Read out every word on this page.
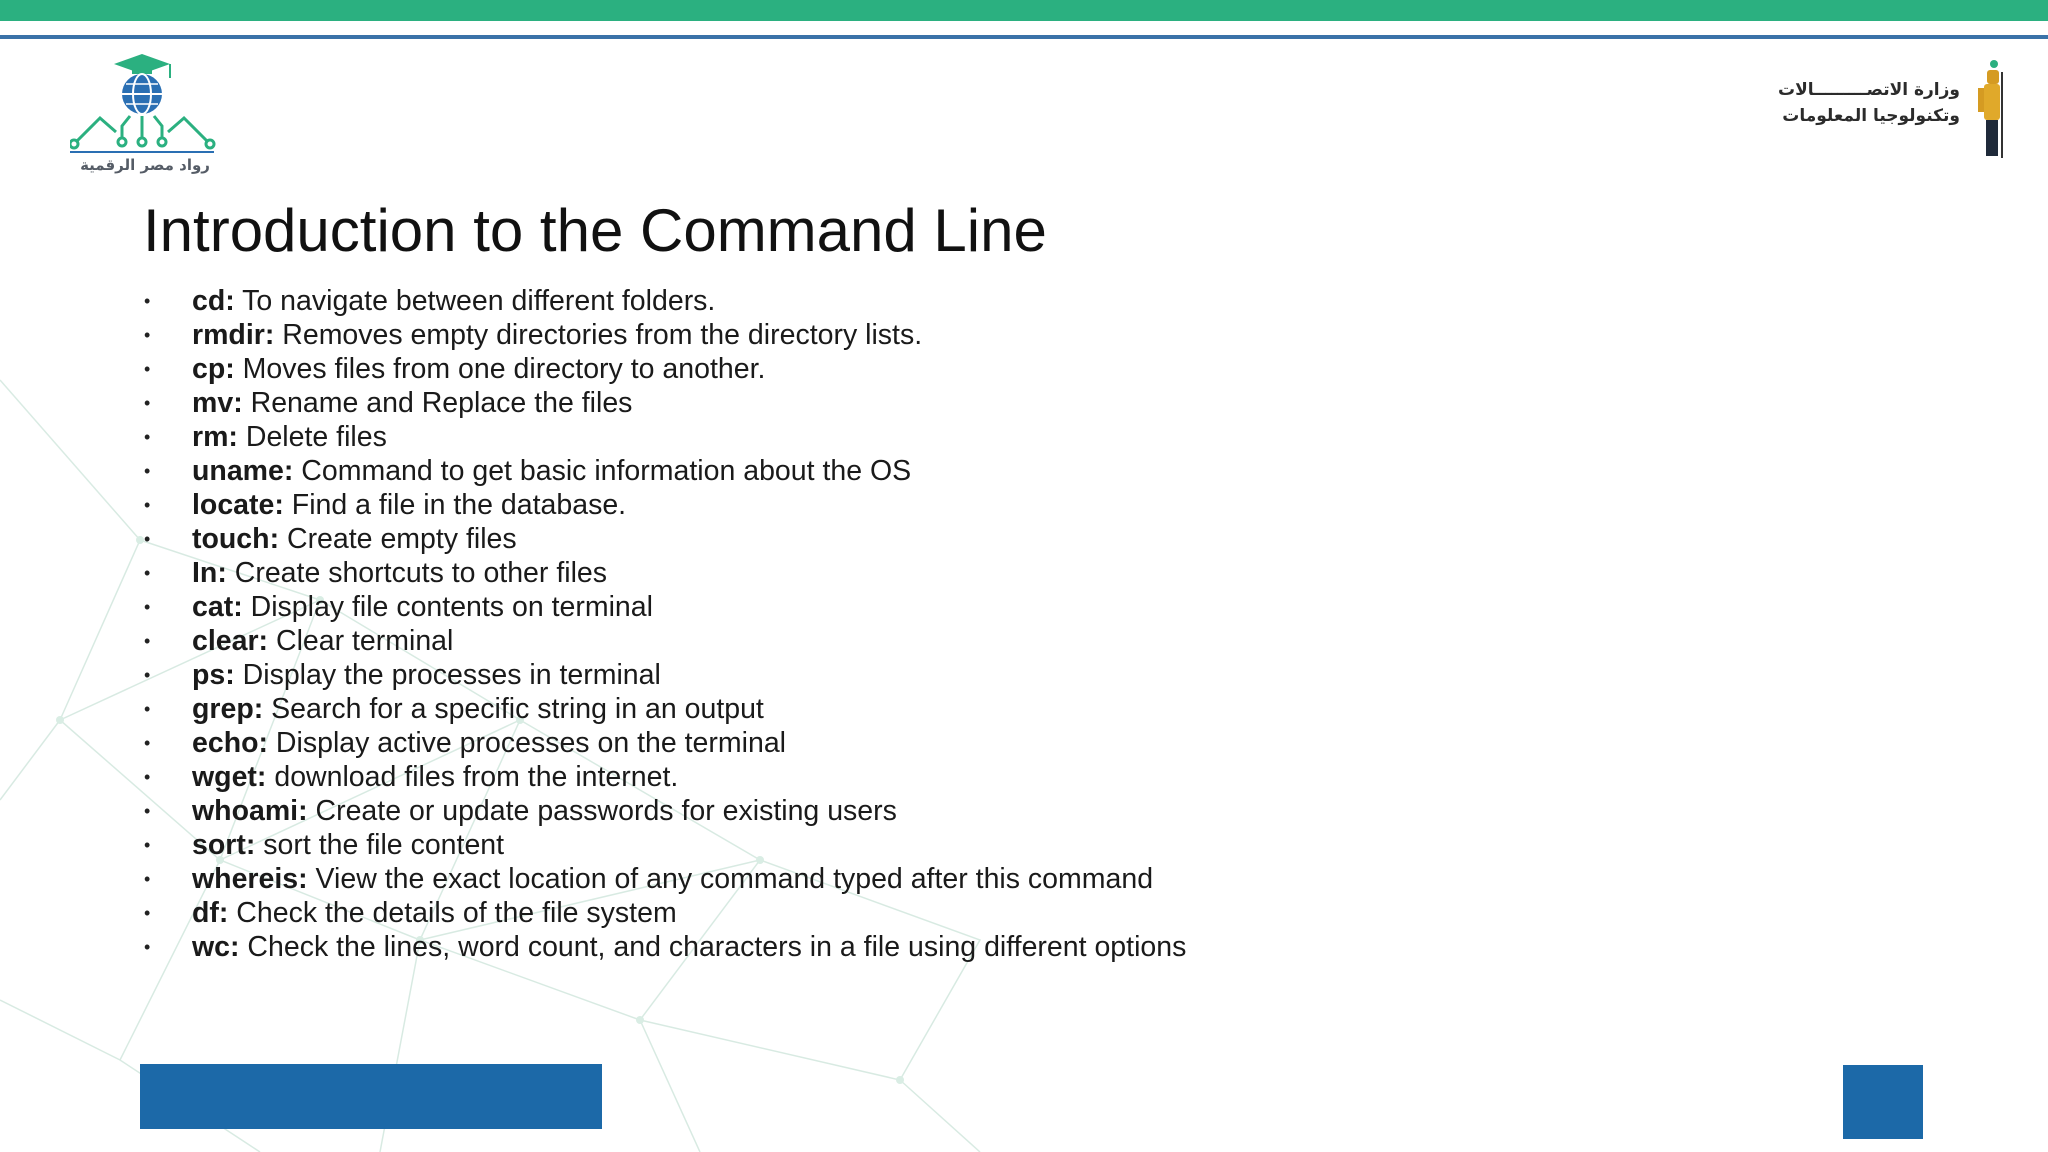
رواد مصر الرقمية
وزارة الاتصـــــــــالات
وتكنولوجيا المعلومات
Introduction to the Command Line
• cd: To navigate between different folders.
• rmdir: Removes empty directories from the directory lists.
• cp: Moves files from one directory to another.
• mv: Rename and Replace the files
• rm: Delete files
• uname: Command to get basic information about the OS
• locate: Find a file in the database.
• touch: Create empty files
• In: Create shortcuts to other files
• cat: Display file contents on terminal
• clear: Clear terminal
• ps: Display the processes in terminal
• grep: Search for a specific string in an output
• echo: Display active processes on the terminal
• wget: download files from the internet.
• whoami: Create or update passwords for existing users
• sort: sort the file content
• whereis: View the exact location of any command typed after this command
• df: Check the details of the file system
• wc: Check the lines, word count, and characters in a file using different options
